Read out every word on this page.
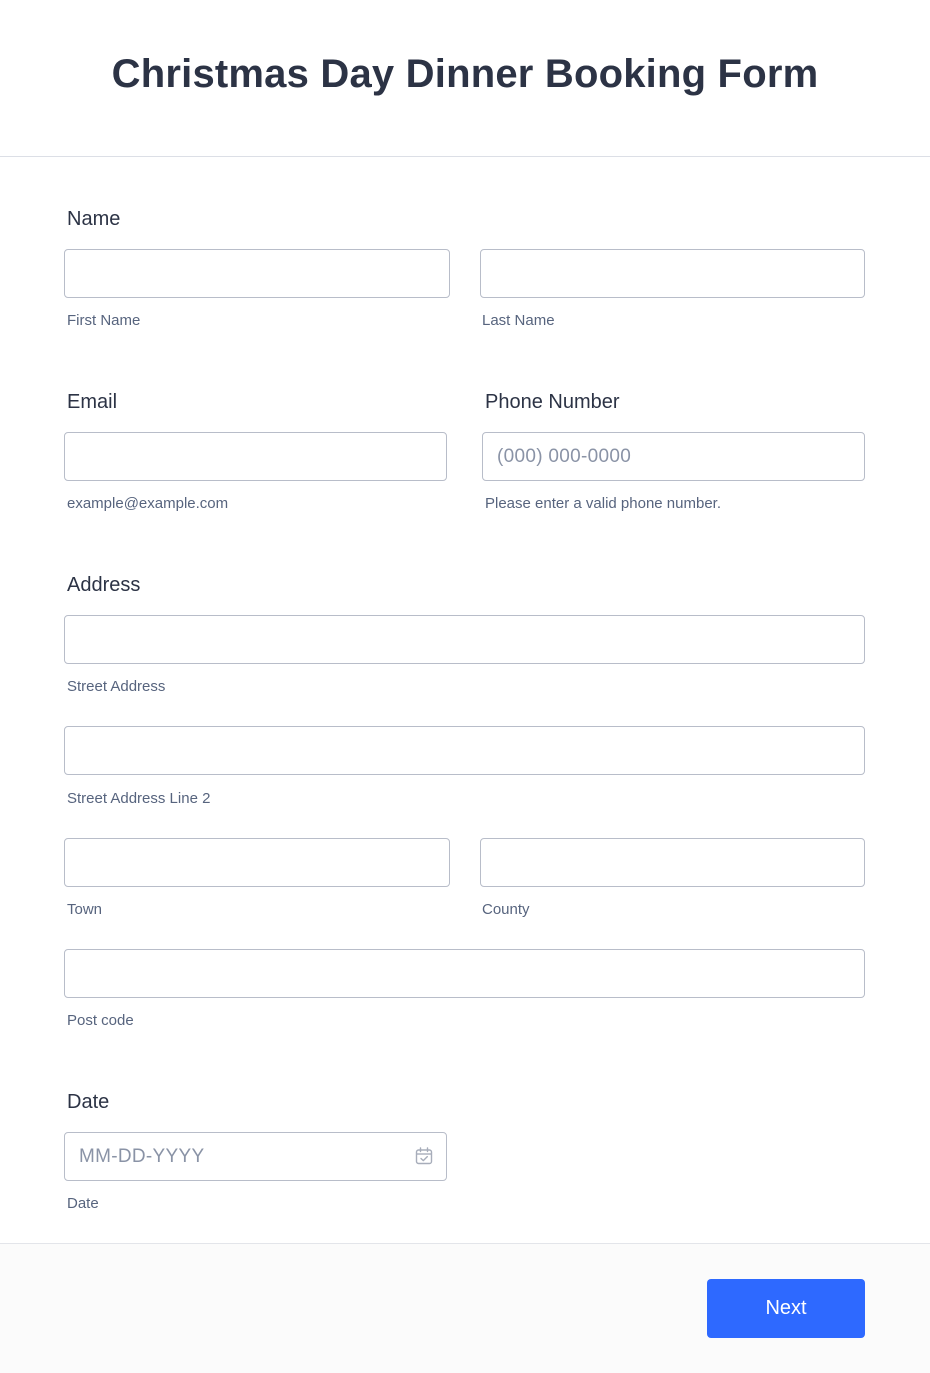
Christmas Day Dinner Booking Form
Name
First Name	Last Name
Email
example@example.com
Phone Number
(000) 000-0000
Please enter a valid phone number.
Address
Street Address
Street Address Line 2
Town	County
Post code
Date
MM-DD-YYYY
Date
Next
